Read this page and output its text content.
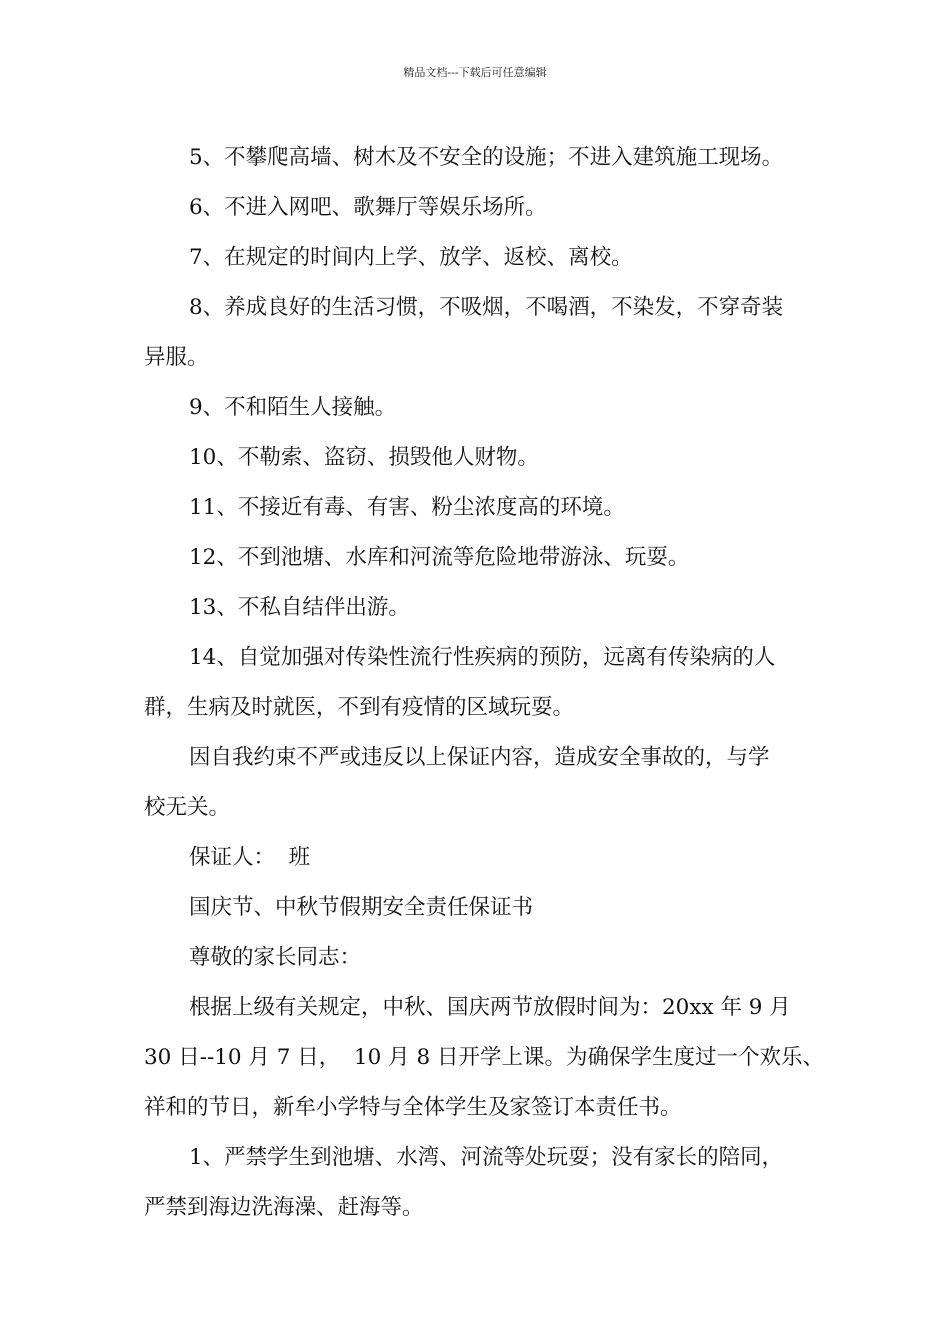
精品文档---下载后可任意编辑
5、不攀爬高墙、树木及不安全的设施；不进入建筑施工现场。
6、不进入网吧、歌舞厅等娱乐场所。
7、在规定的时间内上学、放学、返校、离校。
8、养成良好的生活习惯，不吸烟，不喝酒，不染发，不穿奇装
异服。
9、不和陌生人接触。
10、不勒索、盗窃、损毁他人财物。
11、不接近有毒、有害、粉尘浓度高的环境。
12、不到池塘、水库和河流等危险地带游泳、玩耍。
13、不私自结伴出游。
14、自觉加强对传染性流行性疾病的预防，远离有传染病的人
群，生病及时就医，不到有疫情的区域玩耍。
因自我约束不严或违反以上保证内容，造成安全事故的，与学
校无关。
保证人：  班
国庆节、中秋节假期安全责任保证书
尊敬的家长同志：
根据上级有关规定，中秋、国庆两节放假时间为：20xx 年 9 月
30 日--10 月 7 日，  10 月 8 日开学上课。为确保学生度过一个欢乐、
祥和的节日，新牟小学特与全体学生及家签订本责任书。
1、严禁学生到池塘、水湾、河流等处玩耍；没有家长的陪同，
严禁到海边洗海澡、赶海等。
